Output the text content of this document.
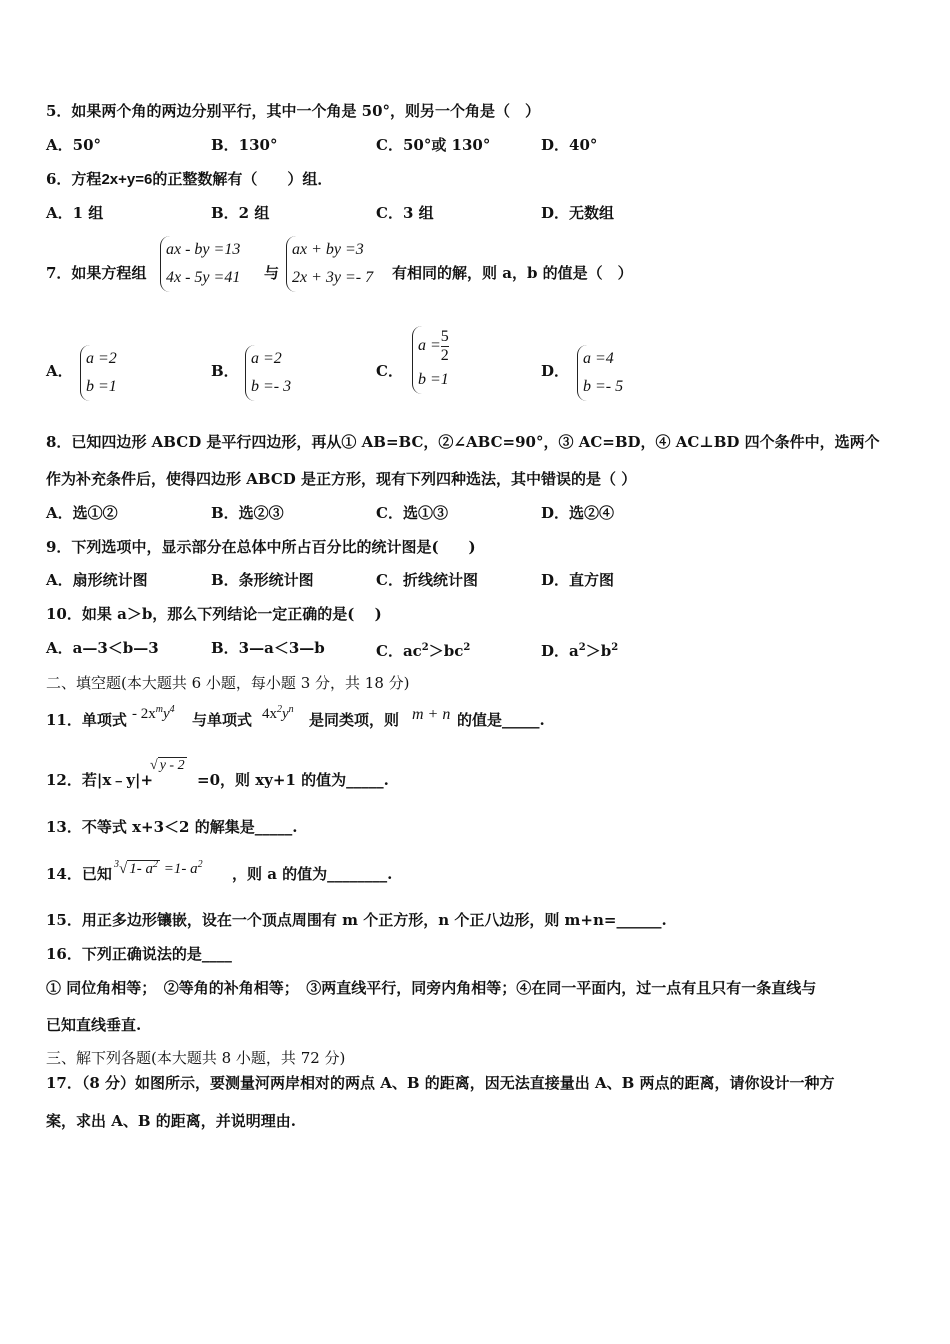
5．如果两个角的两边分别平行，其中一个角是 50°，则另一个角是（　）
A．50°	B．130°	C．50°或 130°	D．40°
6．方程2x+y=6的正整数解有（　　）组．
A．1 组	B．2 组	C．3 组	D．无数组
7．如果方程组
ax - by =13
4x - 5y =41 与
ax + by =3
2x + 3y =- 7 有相同的解，则 a，b 的值是（　）
A．
a =2
b =1
B．
a =2
b =- 3
C．
$a = \frac{5}{2}$
b =1	D．
a =4
b =- 5
8．已知四边形 ABCD 是平行四边形，再从① AB=BC，②∠ABC=90°，③ AC=BD，④ AC⊥BD 四个条件中，选两个
作为补充条件后，使得四边形 ABCD 是正方形，现有下列四种选法，其中错误的是（ ）
A．选①②	B．选②③	C．选①③	D．选②④
9．下列选项中，显示部分在总体中所占百分比的统计图是(　　)
A．扇形统计图	B．条形统计图	C．折线统计图	D．直方图
10．如果 a＞b，那么下列结论一定正确的是(　 )
A．a—3＜b—3	B．3—a＜3—b	C．$ac^2>bc^2$	D．$a^2>b^2$
二、填空题(本大题共 6 小题，每小题 3 分，共 18 分)
11．单项式 - $2x^my^4$
与单项式 $4x^2y^n$
是同类项，则 m + n 的值是_____.
12．若|x﹣y|+
√ y - 2
=0，则 xy+1 的值为_____.
13．不等式 x+3＜2 的解集是_____.
14．已知
$^3$√ 1- $a^2 =1-$ $a^2$
，则 a 的值为________.
15．用正多边形镶嵌，设在一个顶点周围有 m 个正方形，n 个正八边形，则 m+n=______.
16．下列正确说法的是____
① 同位角相等；　②等角的补角相等；　③两直线平行，同旁内角相等；④在同一平面内，过一点有且只有一条直线与
已知直线垂直.
三、解下列各题(本大题共 8 小题，共 72 分)
17．（8 分）如图所示，要测量河两岸相对的两点 A、B 的距离，因无法直接量出 A、B 两点的距离，请你设计一种方
案，求出 A、B 的距离，并说明理由.
